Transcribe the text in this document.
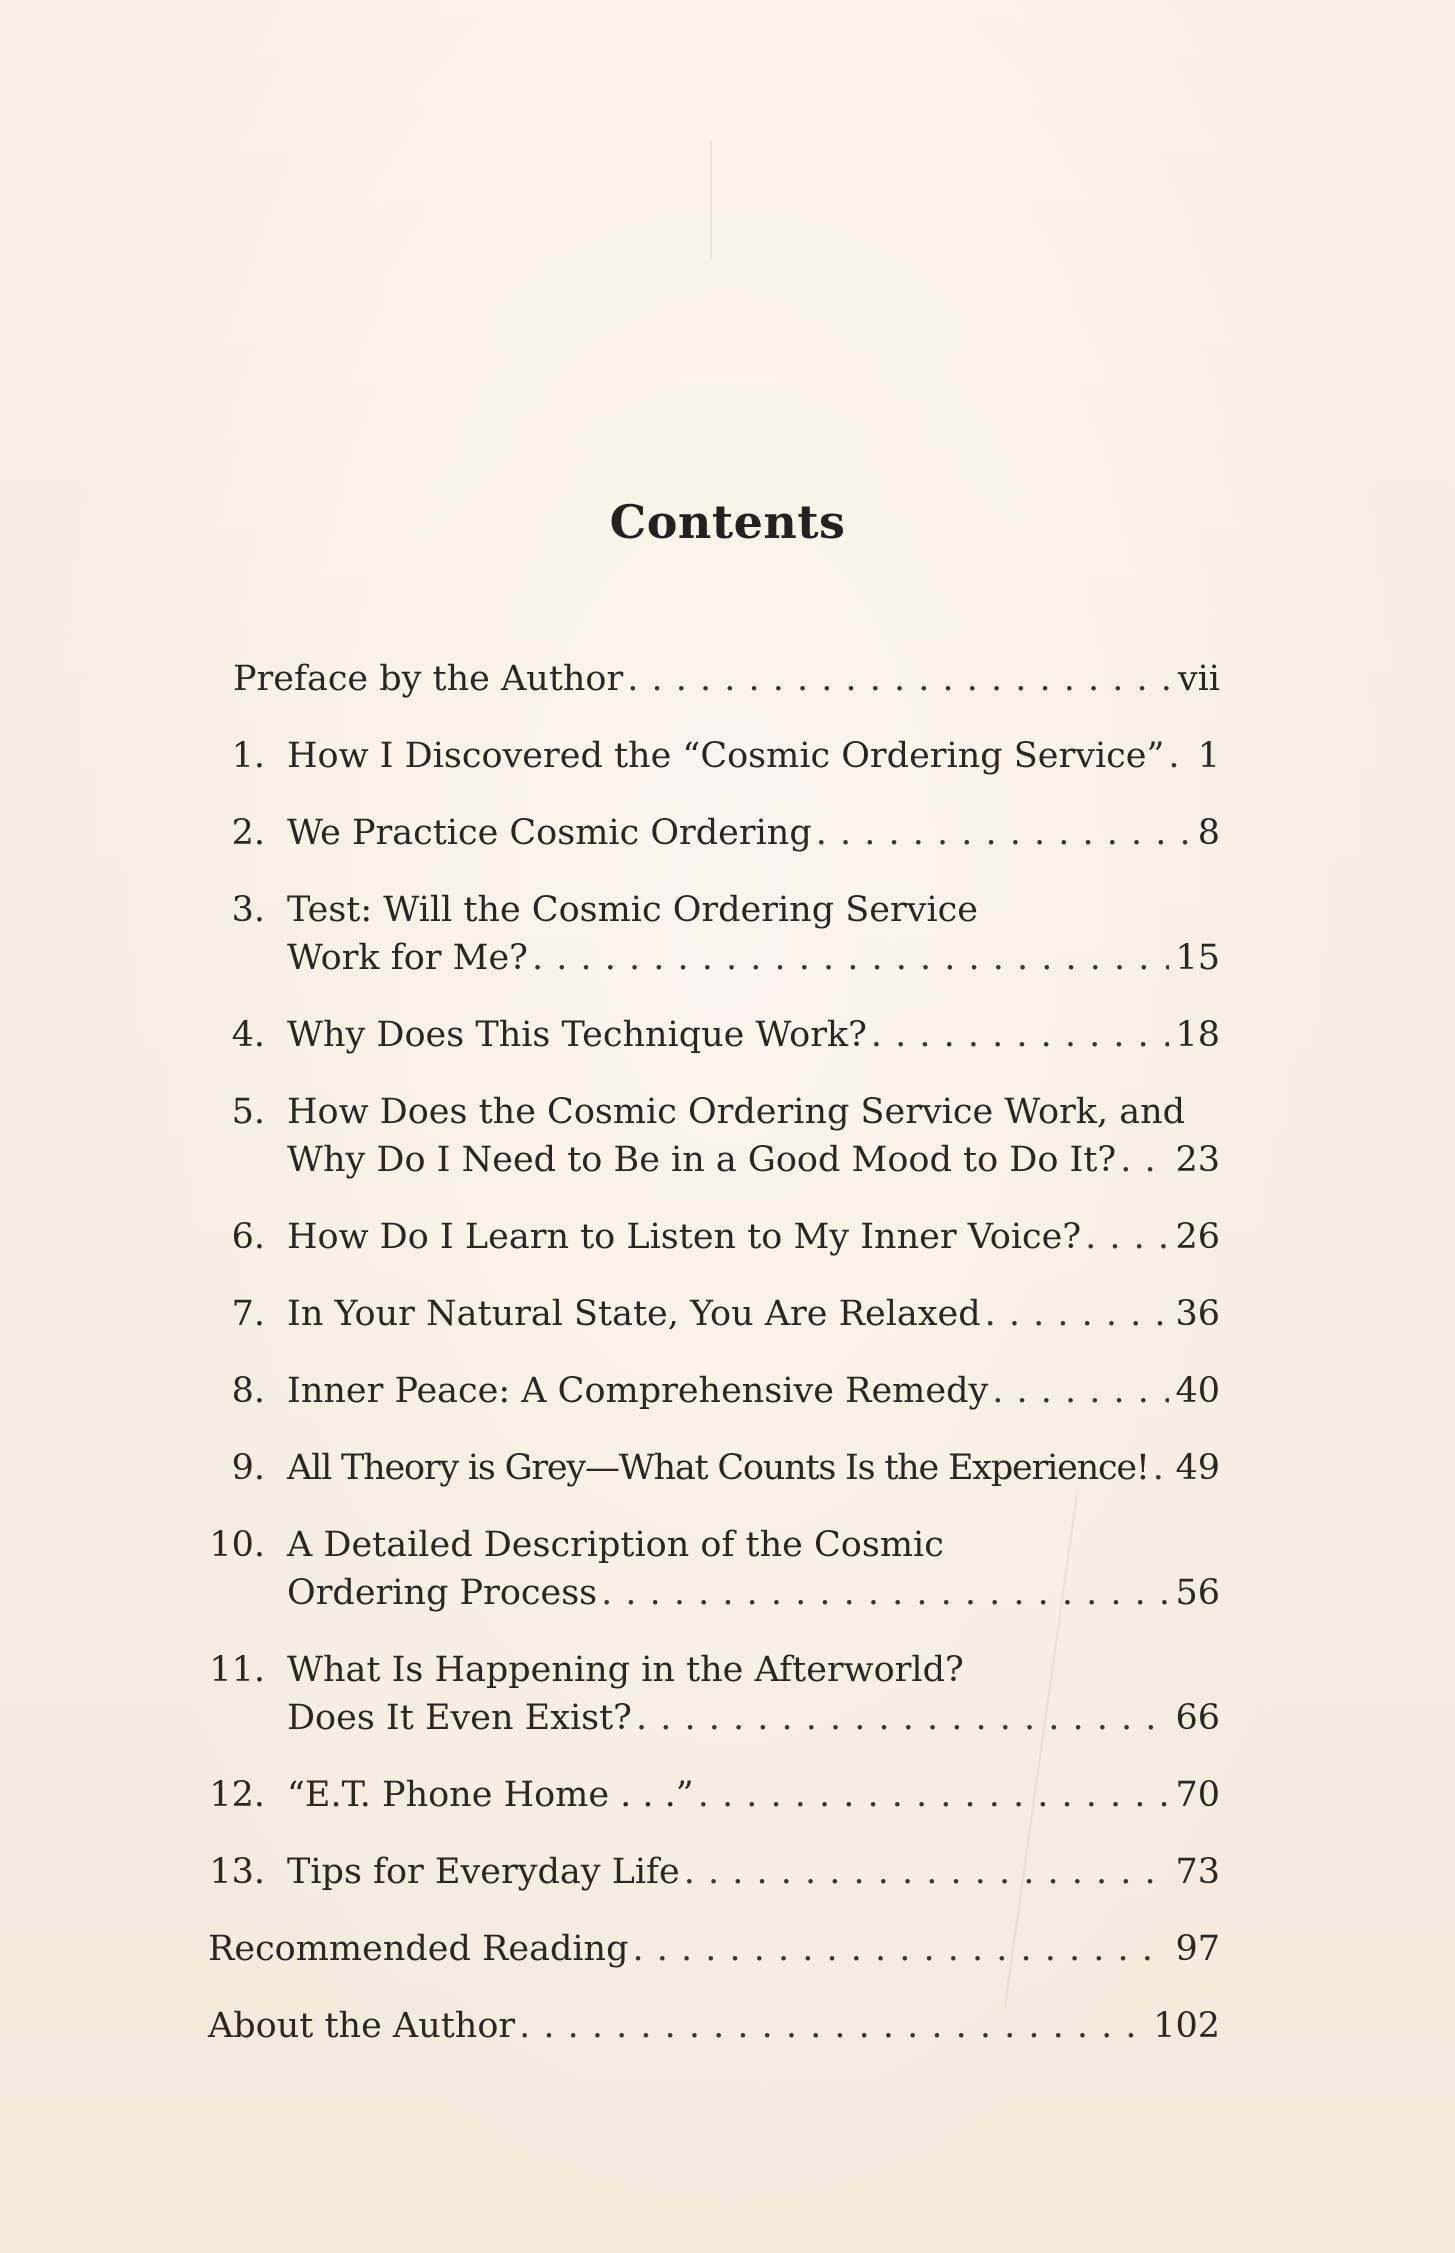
Contents
Preface by the Author . . .	vii
1. How I Discovered the “Cosmic Ordering Service” . . . 1
2. We Practice Cosmic Ordering . . .	8
3. Test: Will the Cosmic Ordering Service
Work for Me? . . .	15
4. Why Does This Technique Work? . . .	18
5. How Does the Cosmic Ordering Service Work, and
Why Do I Need to Be in a Good Mood to Do It? . . . 23
6. How Do I Learn to Listen to My Inner Voice? . . .	26
7. In Your Natural State, You Are Relaxed . . .	36
8. Inner Peace: A Comprehensive Remedy . . .	40
9. All Theory is Grey—What Counts Is the Experience! . . . 49
10. A Detailed Description of the Cosmic
Ordering Process . . .	56
11. What Is Happening in the Afterworld?
Does It Even Exist? . . .	66
12. “E.T. Phone Home . . .” . . .	70
13. Tips for Everyday Life . . .	73
Recommended Reading . . .	97
About the Author . . .	102
